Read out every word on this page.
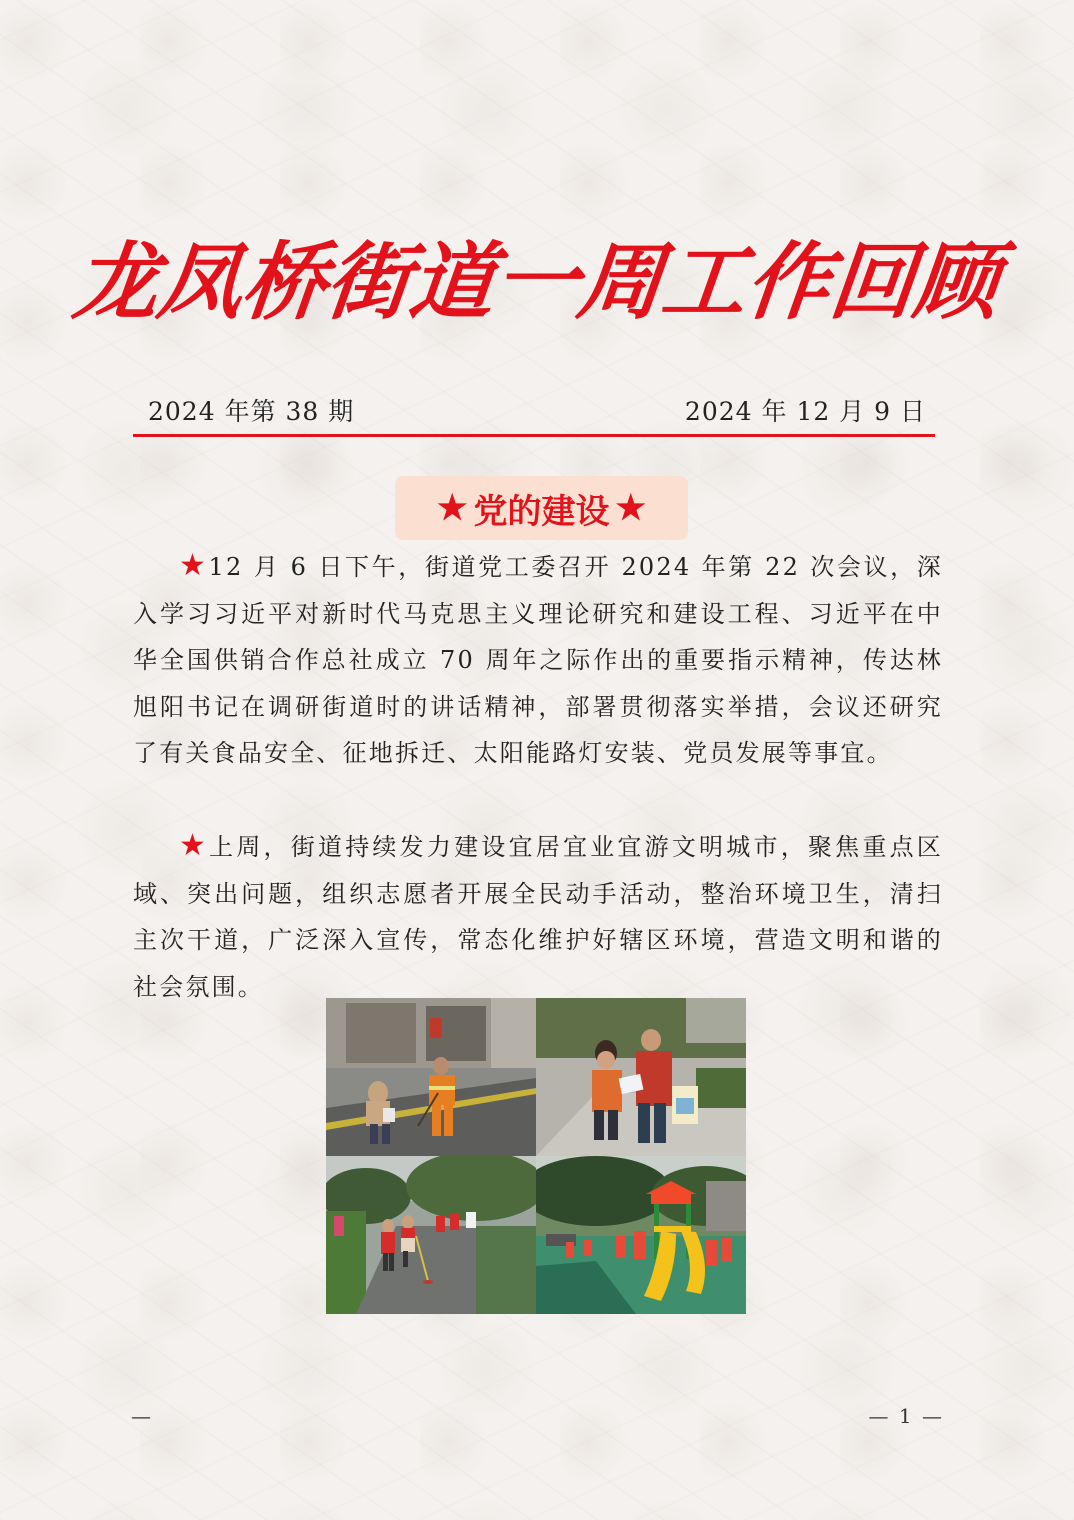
龙凤桥街道一周工作回顾
2024 年第 38 期	2024 年 12 月 9 日
★ 党的建设 ★

★12 月 6 日下午，街道党工委召开 2024 年第 22 次会议，深入学习习近平对新时代马克思主义理论研究和建设工程、习近平在中华全国供销合作总社成立 70 周年之际作出的重要指示精神，传达林旭阳书记在调研街道时的讲话精神，部署贯彻落实举措，会议还研究了有关食品安全、征地拆迁、太阳能路灯安装、党员发展等事宜。

★上周，街道持续发力建设宜居宜业宜游文明城市，聚焦重点区域、突出问题，组织志愿者开展全民动手活动，整治环境卫生，清扫主次干道，广泛深入宣传，常态化维护好辖区环境，营造文明和谐的社会氛围。

—	— 1 —
